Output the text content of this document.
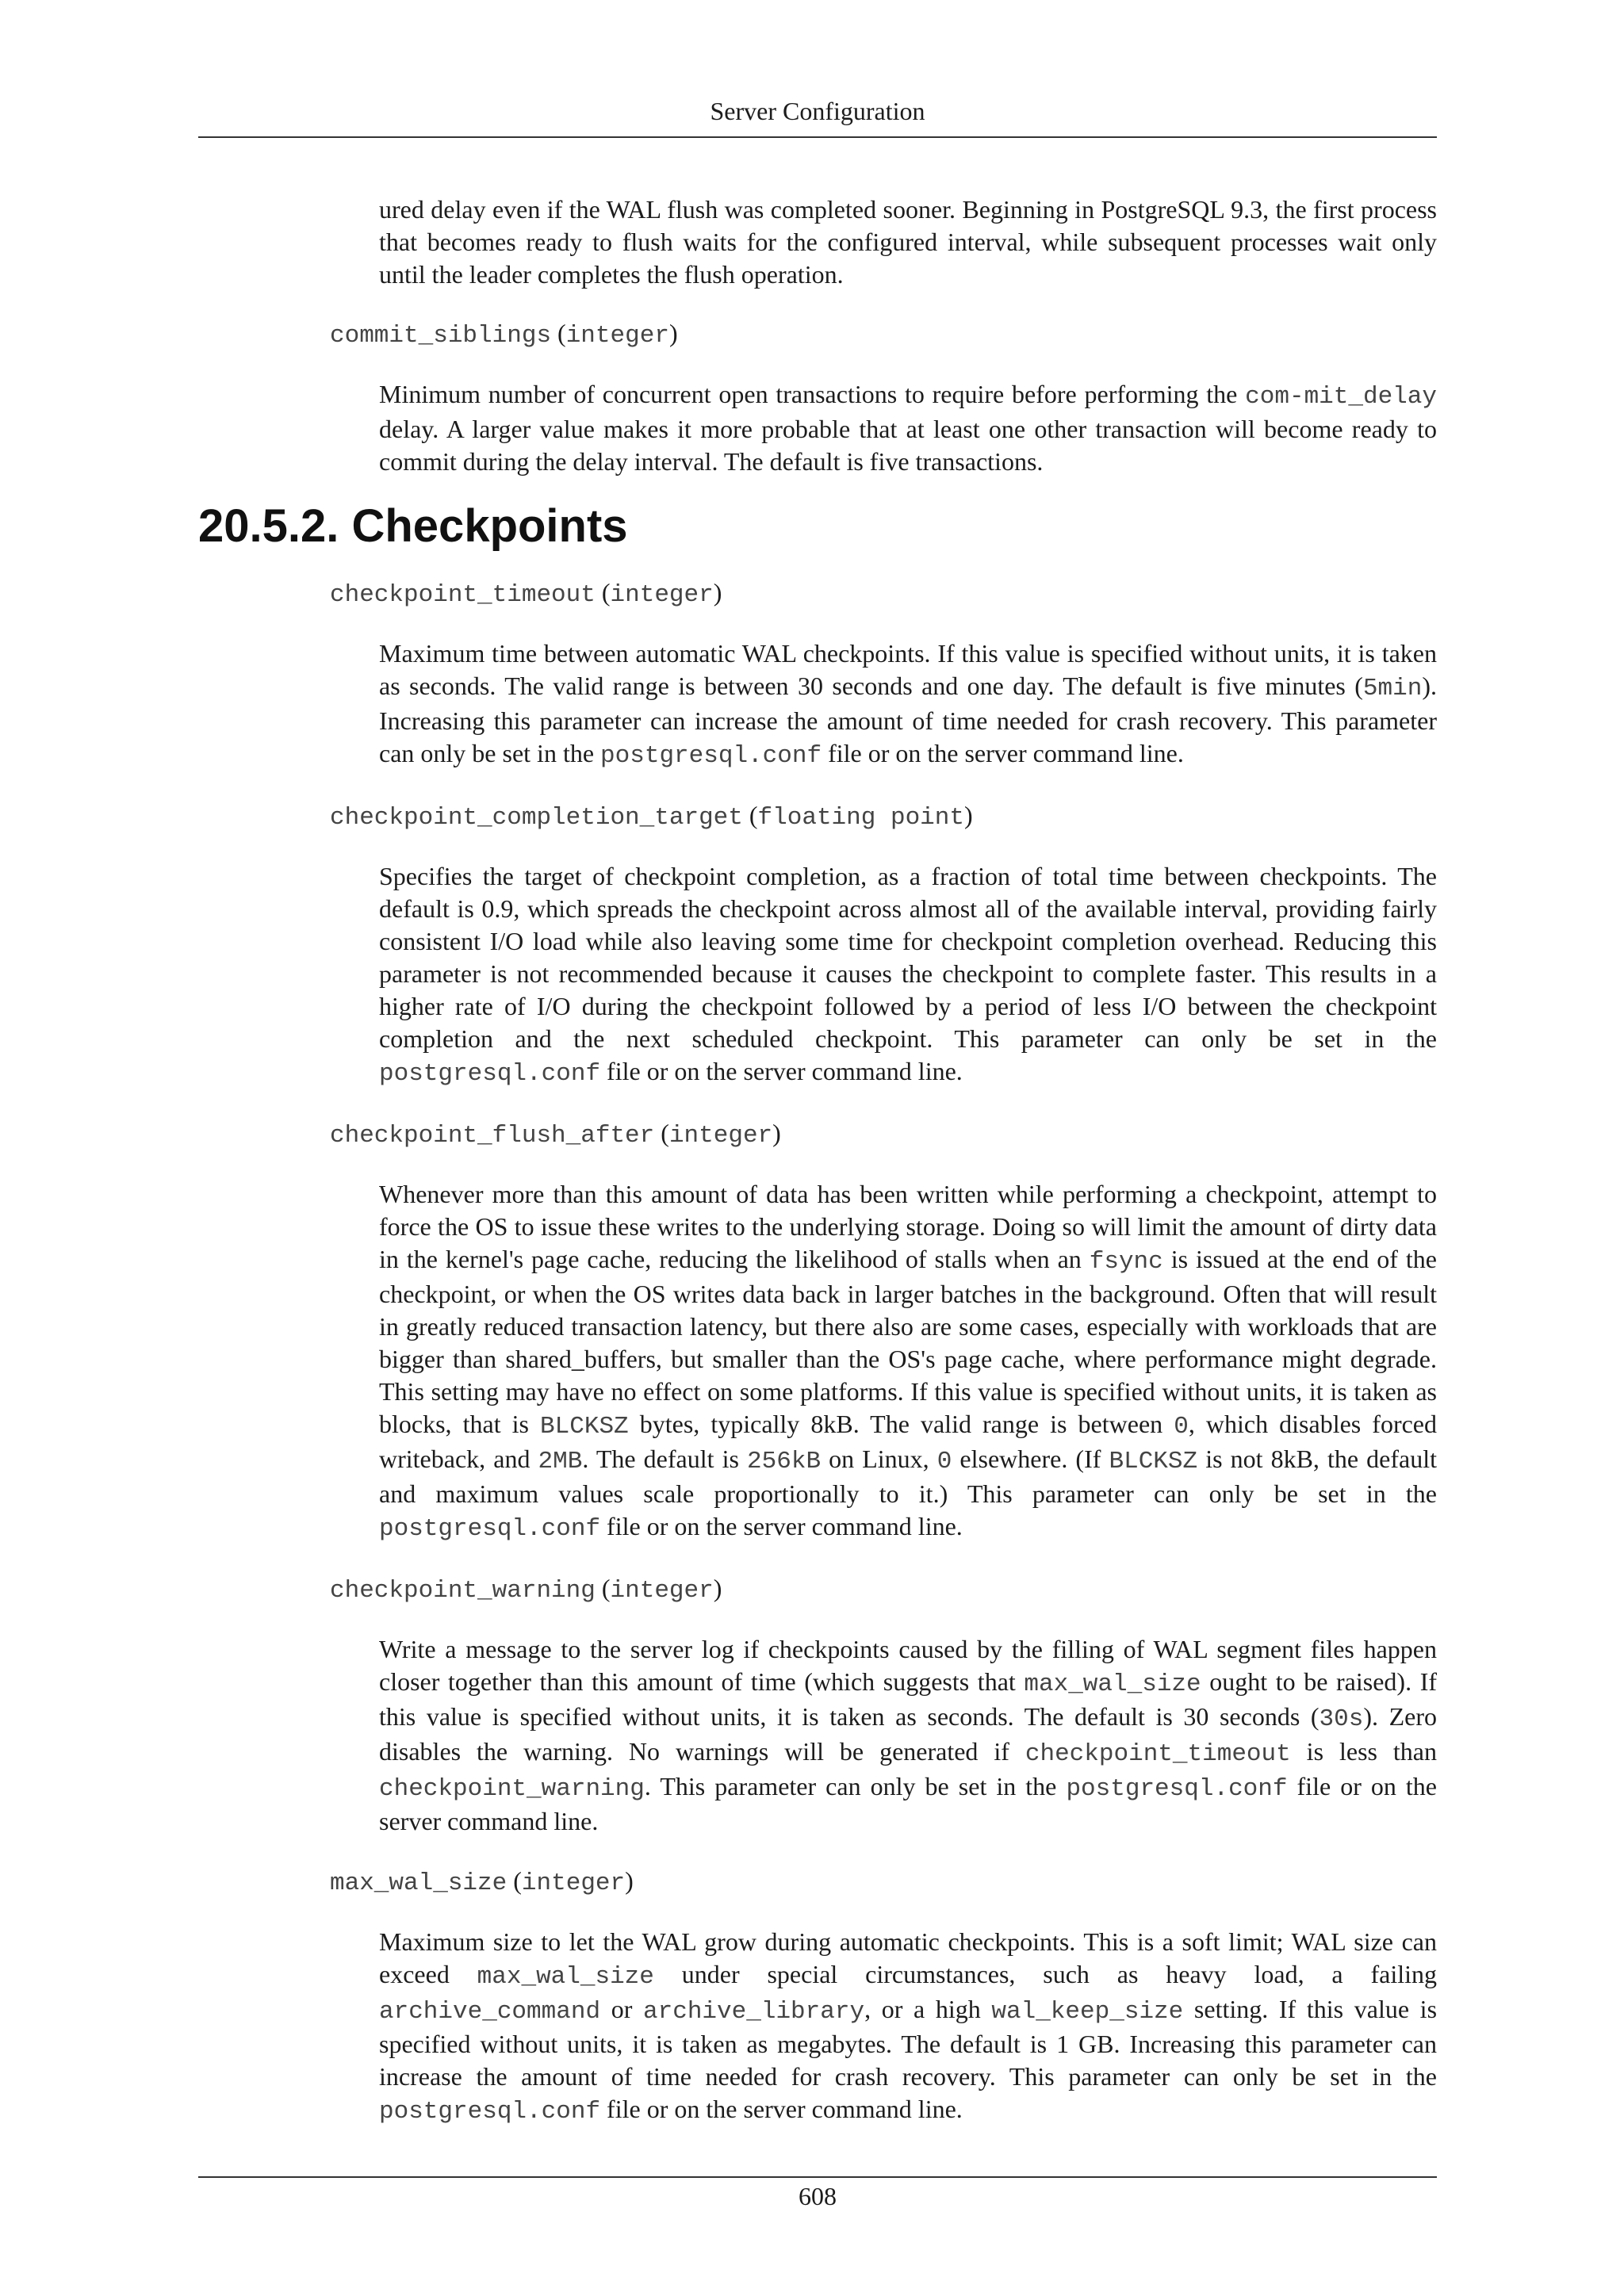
Server Configuration

ured delay even if the WAL flush was completed sooner. Beginning in PostgreSQL 9.3, the first process that becomes ready to flush waits for the configured interval, while subsequent processes wait only until the leader completes the flush operation.

commit_siblings (integer)

Minimum number of concurrent open transactions to require before performing the com-​mit_delay delay. A larger value makes it more probable that at least one other transaction will become ready to commit during the delay interval. The default is five transactions.

20.5.2. Checkpoints
checkpoint_timeout (integer)

Maximum time between automatic WAL checkpoints. If this value is specified without units, it is taken as seconds. The valid range is between 30 seconds and one day. The default is five minutes (5min). Increasing this parameter can increase the amount of time needed for crash recovery. This parameter can only be set in the postgresql.conf file or on the server command line.

checkpoint_completion_target (floating point)

Specifies the target of checkpoint completion, as a fraction of total time between checkpoints. The default is 0.9, which spreads the checkpoint across almost all of the available interval, providing fairly consistent I/O load while also leaving some time for checkpoint completion overhead. Reducing this parameter is not recommended because it causes the checkpoint to complete faster. This results in a higher rate of I/O during the checkpoint followed by a period of less I/O between the checkpoint completion and the next scheduled checkpoint. This parameter can only be set in the postgresql.conf file or on the server command line.

checkpoint_flush_after (integer)

Whenever more than this amount of data has been written while performing a checkpoint, attempt to force the OS to issue these writes to the underlying storage. Doing so will limit the amount of dirty data in the kernel's page cache, reducing the likelihood of stalls when an fsync is issued at the end of the checkpoint, or when the OS writes data back in larger batches in the background. Often that will result in greatly reduced transaction latency, but there also are some cases, especially with workloads that are bigger than shared_buffers, but smaller than the OS's page cache, where performance might degrade. This setting may have no effect on some platforms. If this value is specified without units, it is taken as blocks, that is BLCKSZ bytes, typically 8kB. The valid range is between 0, which disables forced writeback, and 2MB. The default is 256kB on Linux, 0 elsewhere. (If BLCKSZ is not 8kB, the default and maximum values scale proportionally to it.) This parameter can only be set in the postgresql.conf file or on the server command line.

checkpoint_warning (integer)

Write a message to the server log if checkpoints caused by the filling of WAL segment files happen closer together than this amount of time (which suggests that max_wal_size ought to be raised). If this value is specified without units, it is taken as seconds. The default is 30 seconds (30s). Zero disables the warning. No warnings will be generated if checkpoint_timeout is less than checkpoint_warning. This parameter can only be set in the postgresql.conf file or on the server command line.

max_wal_size (integer)

Maximum size to let the WAL grow during automatic checkpoints. This is a soft limit; WAL size can exceed max_wal_size under special circumstances, such as heavy load, a failing archive_command or archive_library, or a high wal_keep_size setting. If this value is specified without units, it is taken as megabytes. The default is 1 GB. Increasing this parameter can increase the amount of time needed for crash recovery. This parameter can only be set in the postgresql.conf file or on the server command line.

608
